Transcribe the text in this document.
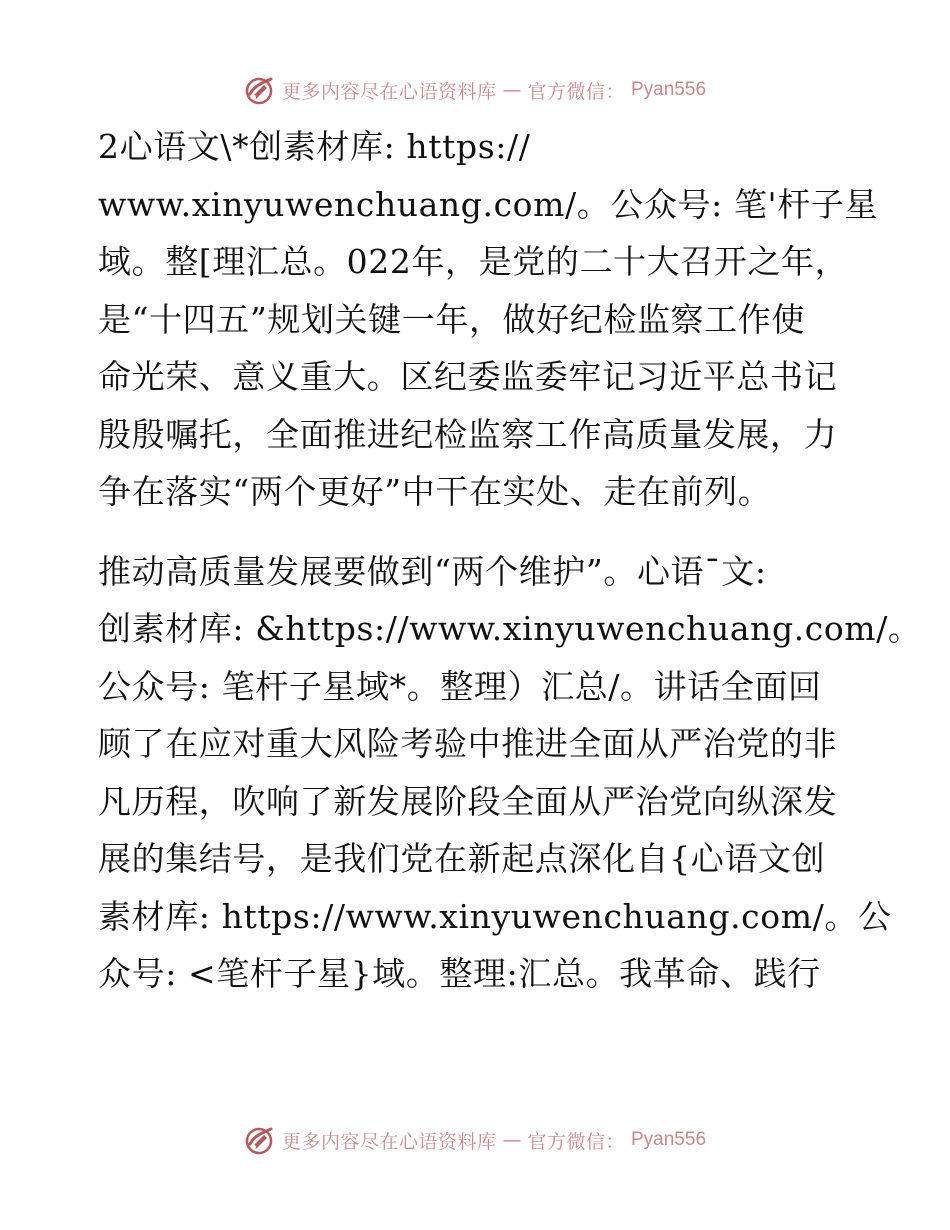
更多内容尽在心语资料库 — 官方微信： Pyan556

2心语文\*创素材库: https://
www.xinyuwenchuang.com/。公众号: 笔'杆子星
域。整[理汇总。022年，是党的二十大召开之年，
是“十四五”规划关键一年，做好纪检监察工作使
命光荣、意义重大。区纪委监委牢记习近平总书记
殷殷嘱托，全面推进纪检监察工作高质量发展，力
争在落实“两个更好”中干在实处、走在前列。

推动高质量发展要做到“两个维护”。心语¯文:
创素材库: &https://www.xinyuwenchuang.com/。
公众号: 笔杆子星域*。整理）汇总/。讲话全面回
顾了在应对重大风险考验中推进全面从严治党的非
凡历程，吹响了新发展阶段全面从严治党向纵深发
展的集结号，是我们党在新起点深化自{心语文创
素材库: https://www.xinyuwenchuang.com/。公
众号: <笔杆子星}域。整理:汇总。我革命、践行

更多内容尽在心语资料库 — 官方微信： Pyan556
